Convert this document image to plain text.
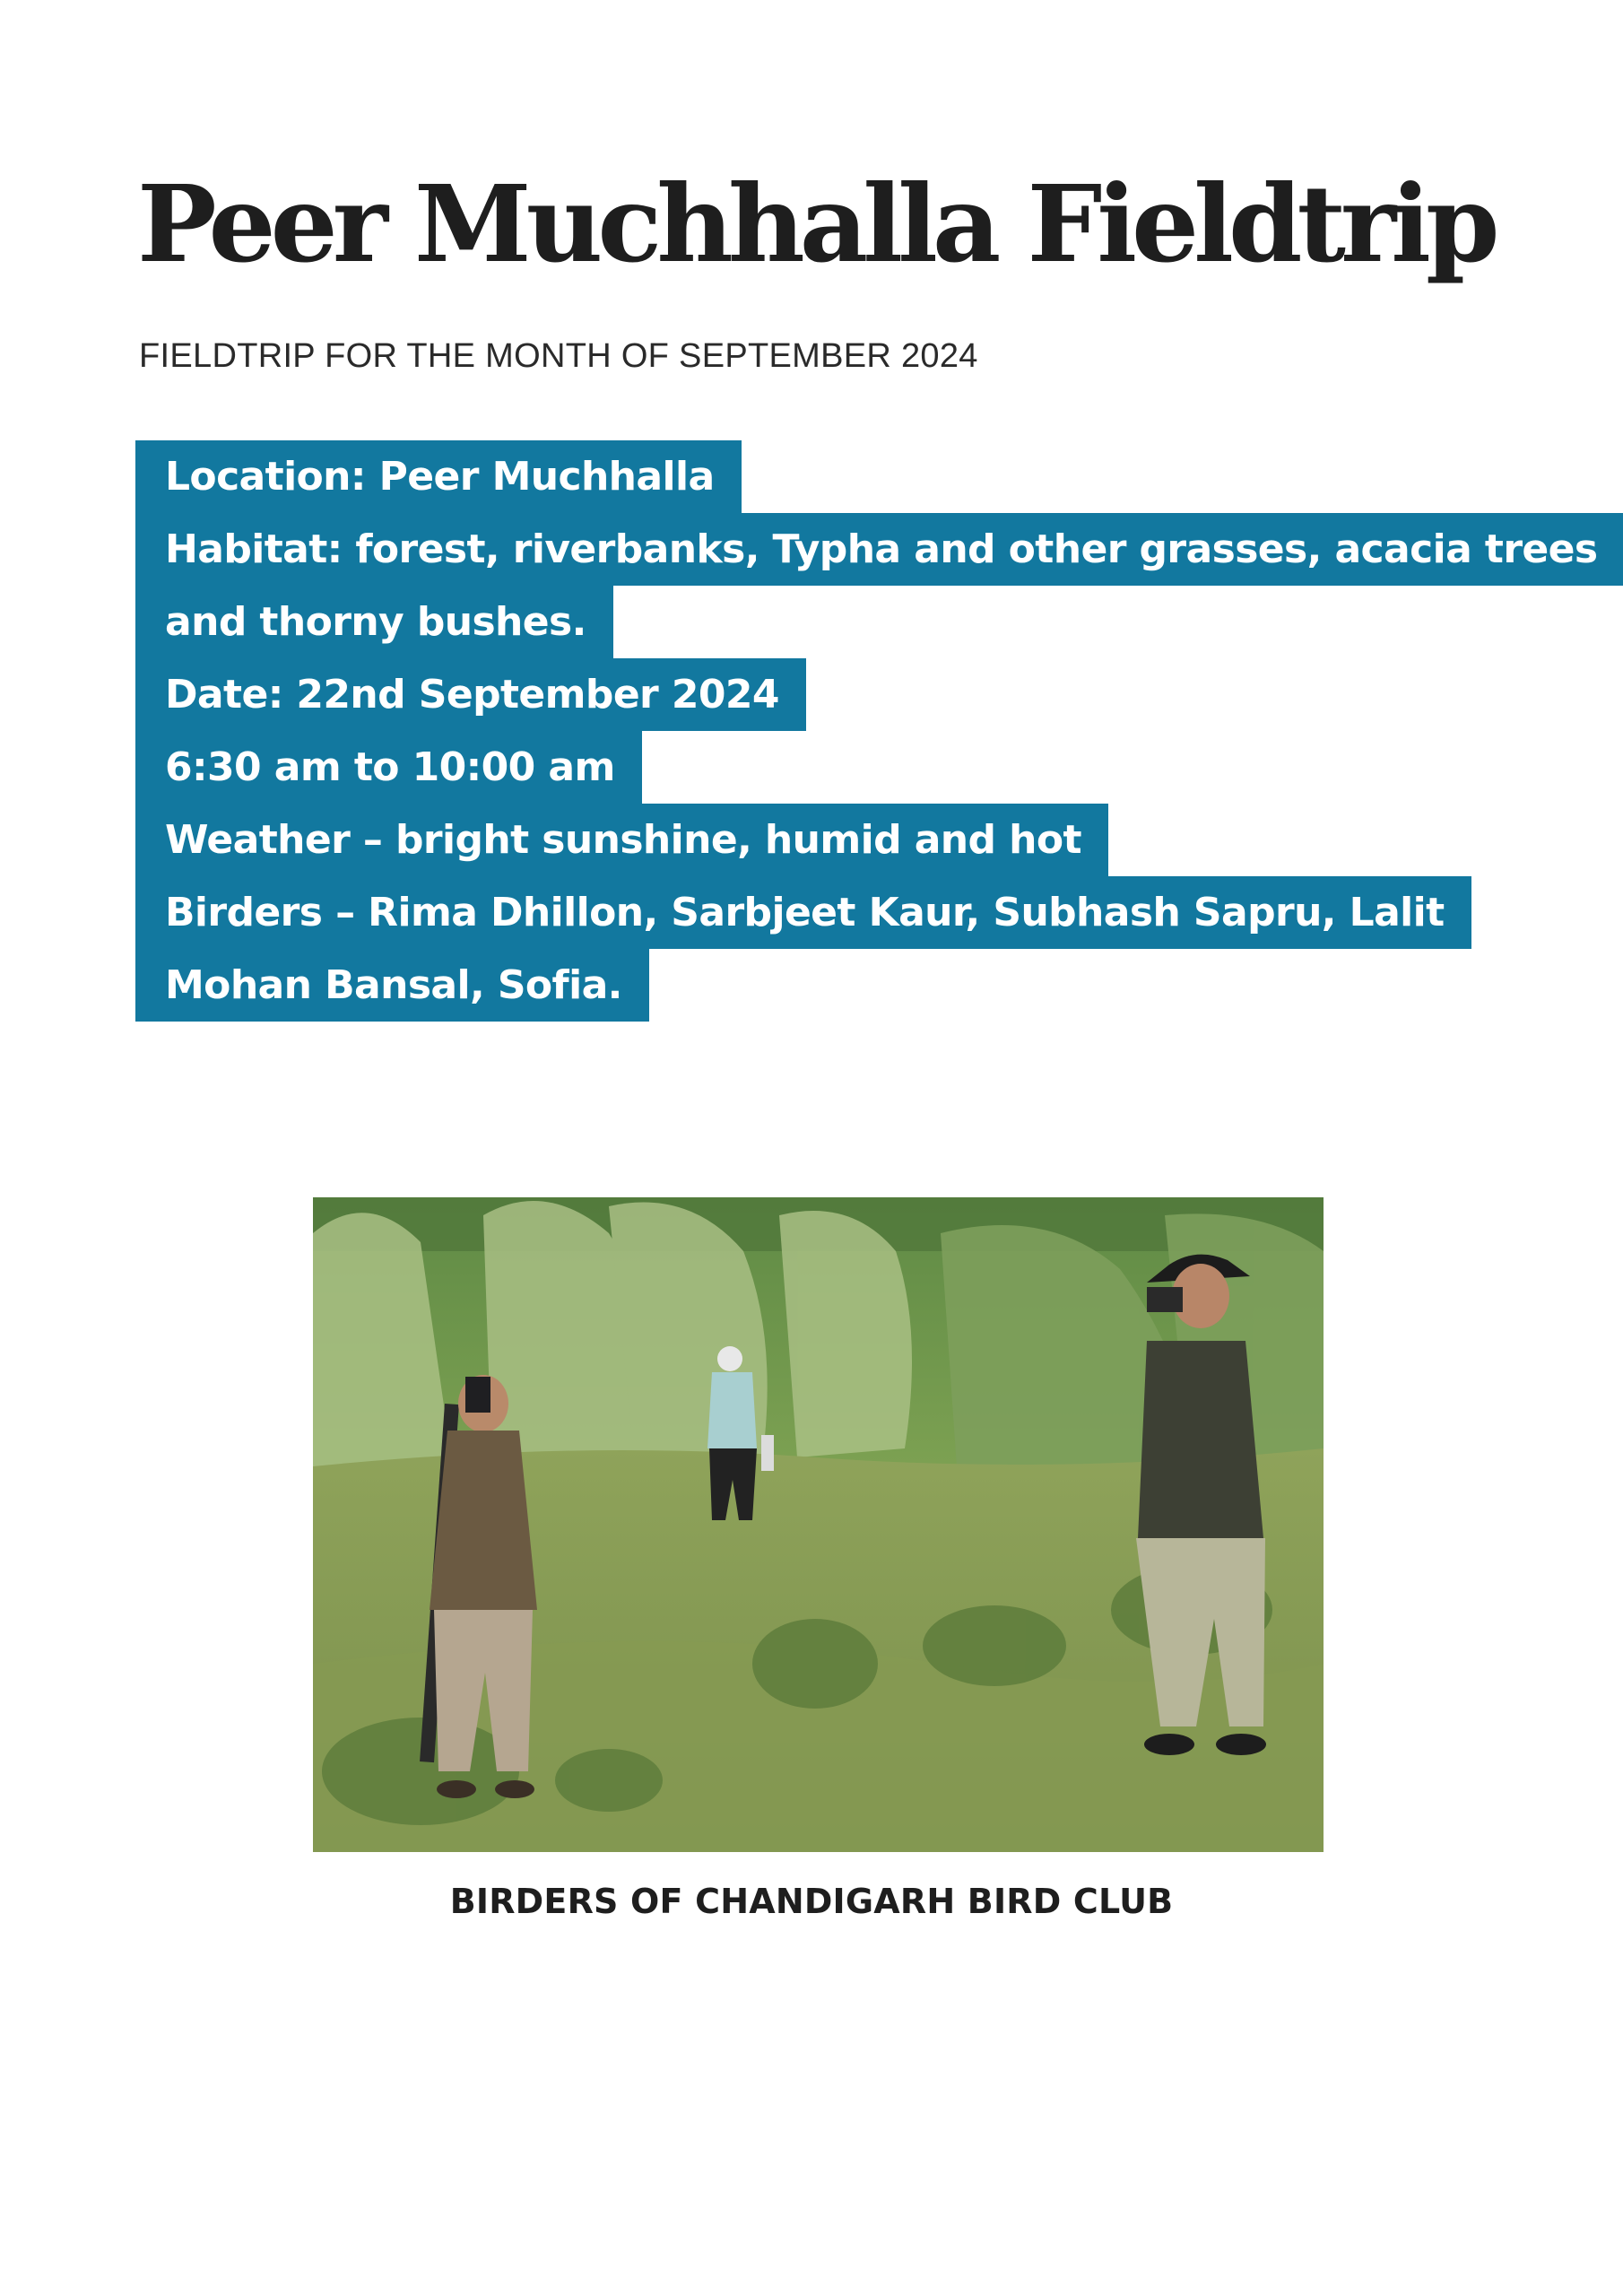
Peer Muchhalla Fieldtrip
FIELDTRIP FOR THE MONTH OF SEPTEMBER 2024
Location: Peer Muchhalla
Habitat: forest, riverbanks, Typha and other grasses, acacia trees
and thorny bushes.
Date: 22nd September 2024
6:30 am to 10:00 am
Weather – bright sunshine, humid and hot
Birders – Rima Dhillon, Sarbjeet Kaur, Subhash Sapru, Lalit
Mohan Bansal, Sofia.
BIRDERS OF CHANDIGARH BIRD CLUB
